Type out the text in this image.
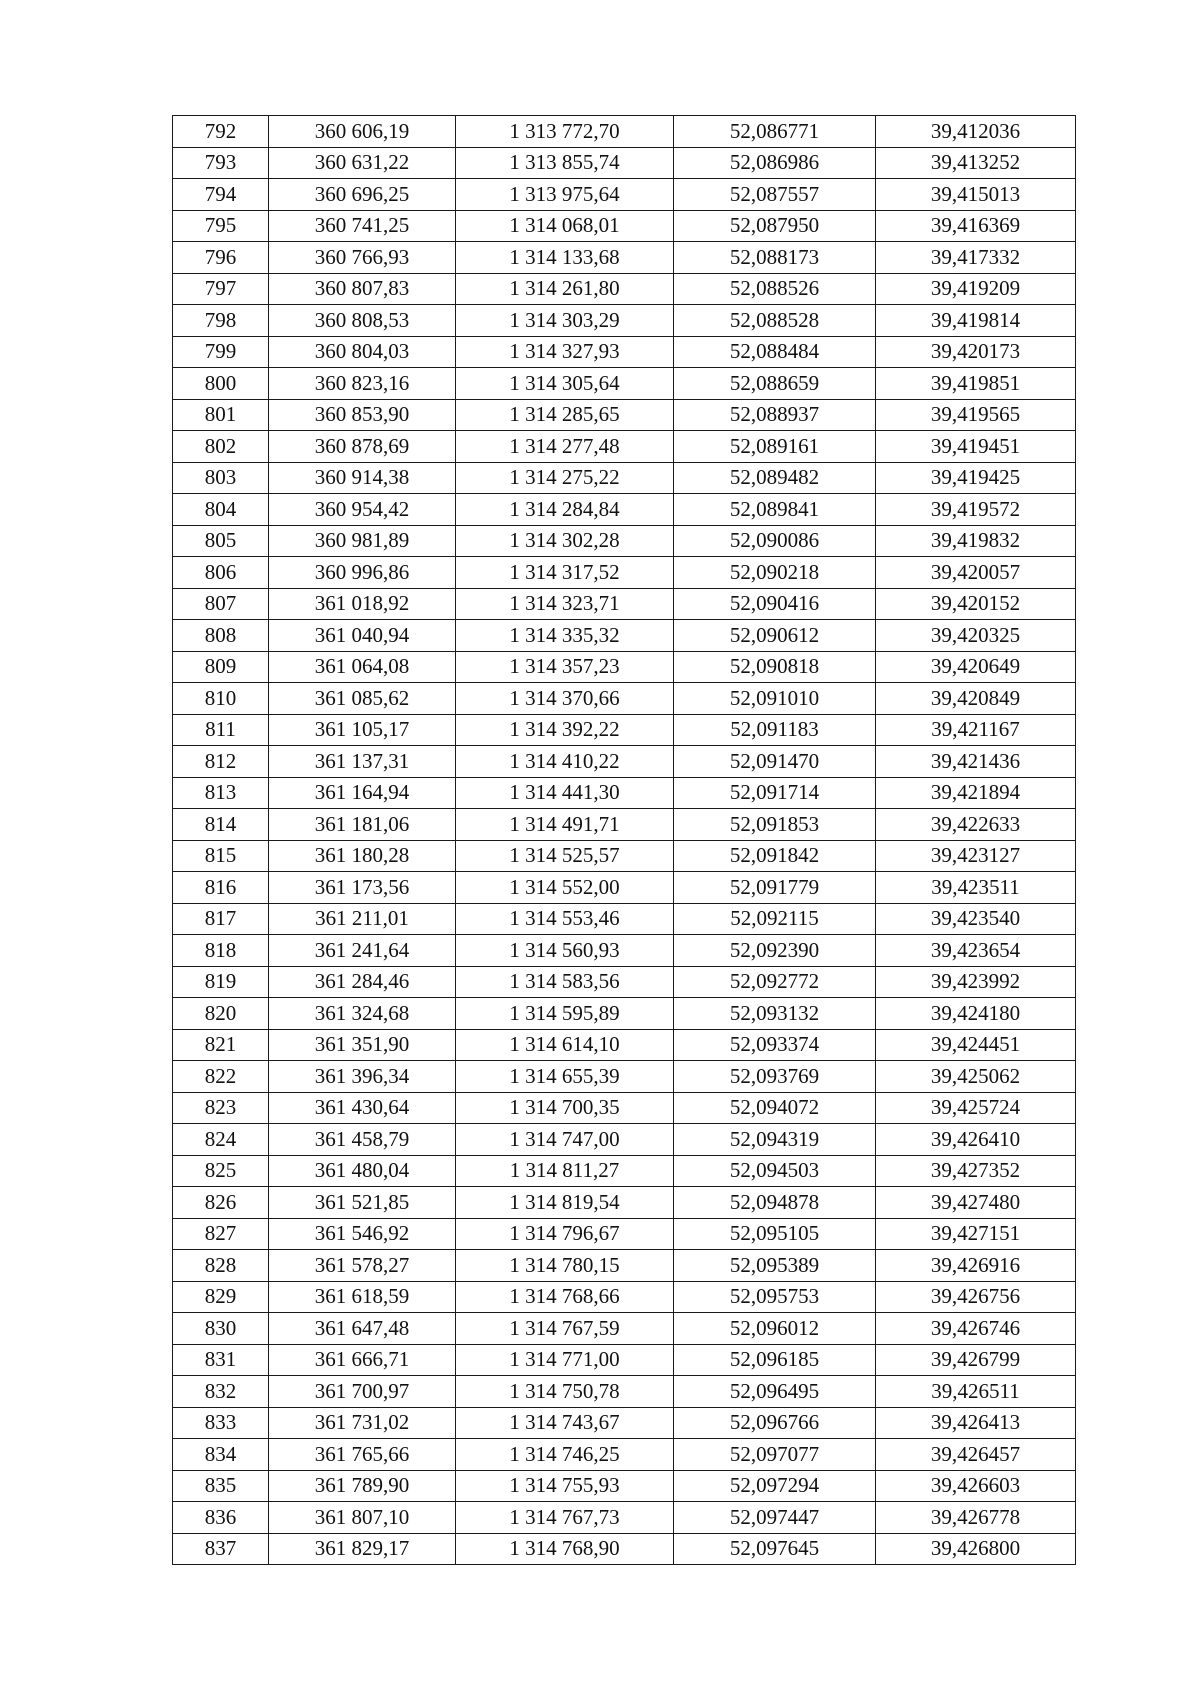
792	360 606,19	1 313 772,70	52,086771	39,412036
793	360 631,22	1 313 855,74	52,086986	39,413252
794	360 696,25	1 313 975,64	52,087557	39,415013
795	360 741,25	1 314 068,01	52,087950	39,416369
796	360 766,93	1 314 133,68	52,088173	39,417332
797	360 807,83	1 314 261,80	52,088526	39,419209
798	360 808,53	1 314 303,29	52,088528	39,419814
799	360 804,03	1 314 327,93	52,088484	39,420173
800	360 823,16	1 314 305,64	52,088659	39,419851
801	360 853,90	1 314 285,65	52,088937	39,419565
802	360 878,69	1 314 277,48	52,089161	39,419451
803	360 914,38	1 314 275,22	52,089482	39,419425
804	360 954,42	1 314 284,84	52,089841	39,419572
805	360 981,89	1 314 302,28	52,090086	39,419832
806	360 996,86	1 314 317,52	52,090218	39,420057
807	361 018,92	1 314 323,71	52,090416	39,420152
808	361 040,94	1 314 335,32	52,090612	39,420325
809	361 064,08	1 314 357,23	52,090818	39,420649
810	361 085,62	1 314 370,66	52,091010	39,420849
811	361 105,17	1 314 392,22	52,091183	39,421167
812	361 137,31	1 314 410,22	52,091470	39,421436
813	361 164,94	1 314 441,30	52,091714	39,421894
814	361 181,06	1 314 491,71	52,091853	39,422633
815	361 180,28	1 314 525,57	52,091842	39,423127
816	361 173,56	1 314 552,00	52,091779	39,423511
817	361 211,01	1 314 553,46	52,092115	39,423540
818	361 241,64	1 314 560,93	52,092390	39,423654
819	361 284,46	1 314 583,56	52,092772	39,423992
820	361 324,68	1 314 595,89	52,093132	39,424180
821	361 351,90	1 314 614,10	52,093374	39,424451
822	361 396,34	1 314 655,39	52,093769	39,425062
823	361 430,64	1 314 700,35	52,094072	39,425724
824	361 458,79	1 314 747,00	52,094319	39,426410
825	361 480,04	1 314 811,27	52,094503	39,427352
826	361 521,85	1 314 819,54	52,094878	39,427480
827	361 546,92	1 314 796,67	52,095105	39,427151
828	361 578,27	1 314 780,15	52,095389	39,426916
829	361 618,59	1 314 768,66	52,095753	39,426756
830	361 647,48	1 314 767,59	52,096012	39,426746
831	361 666,71	1 314 771,00	52,096185	39,426799
832	361 700,97	1 314 750,78	52,096495	39,426511
833	361 731,02	1 314 743,67	52,096766	39,426413
834	361 765,66	1 314 746,25	52,097077	39,426457
835	361 789,90	1 314 755,93	52,097294	39,426603
836	361 807,10	1 314 767,73	52,097447	39,426778
837	361 829,17	1 314 768,90	52,097645	39,426800
